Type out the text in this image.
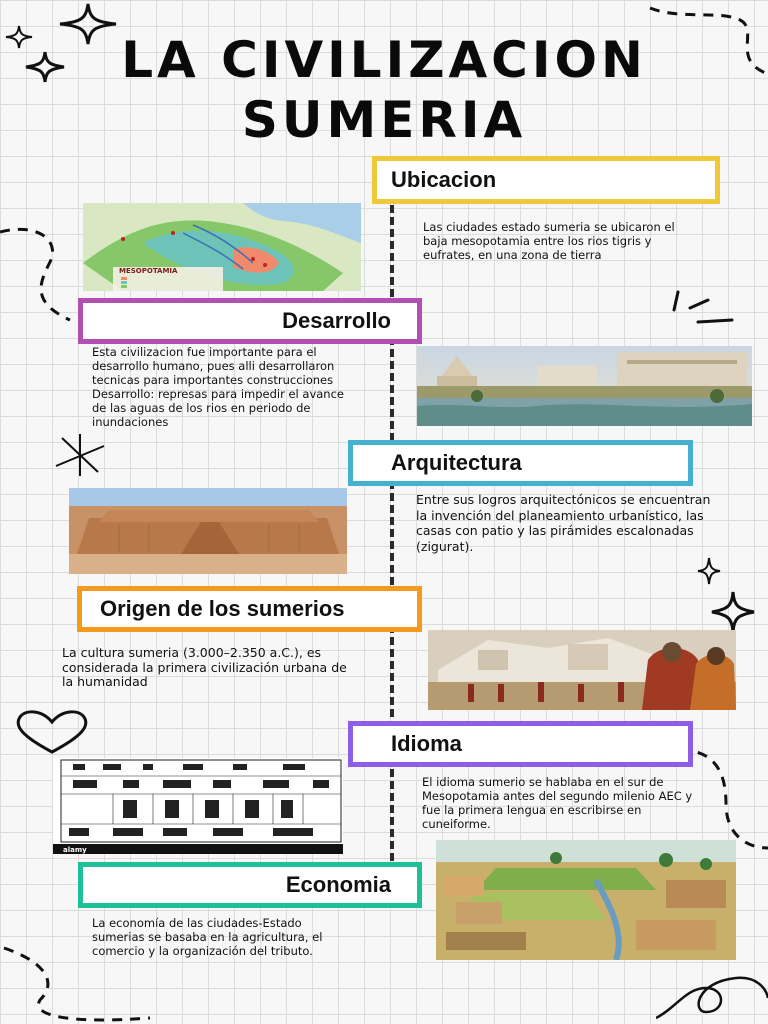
LA CIVILIZACION
SUMERIA
Ubicacion
MESOPOTAMIA
Las ciudades estado sumeria se ubicaron el baja mesopotamia entre los rios tigris y eufrates, en una zona de tierra
Desarrollo
Esta civilizacion fue importante para el desarrollo humano, pues alli desarrollaron tecnicas para importantes construcciones Desarrollo: represas para impedir el avance de las aguas de los rios en periodo de inundaciones
Arquitectura
Entre sus logros arquitectónicos se encuentran la invención del planeamiento urbanístico, las casas con patio y las pirámides escalonadas (zigurat).
Origen de los sumerios
La cultura sumeria (3.000–2.350 a.C.), es considerada la primera civilización urbana de la humanidad
Idioma
alamy
El idioma sumerio se hablaba en el sur de Mesopotamia antes del segundo milenio AEC y fue la primera lengua en escribirse en cuneiforme.
Economia
La economía de las ciudades-Estado sumerias se basaba en la agricultura, el comercio y la organización del tributo.
